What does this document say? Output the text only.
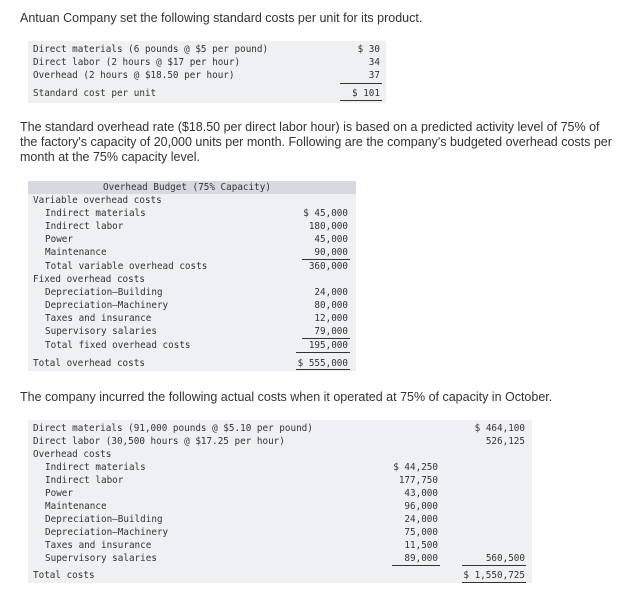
Antuan Company set the following standard costs per unit for its product.

Direct materials (6 pounds @ $5 per pound)	$ 30
Direct labor (2 hours @ $17 per hour)	34
Overhead (2 hours @ $18.50 per hour)	37
Standard cost per unit	$ 101

The standard overhead rate ($18.50 per direct labor hour) is based on a predicted activity level of 75% of the factory's capacity of 20,000 units per month. Following are the company's budgeted overhead costs per month at the 75% capacity level.

Overhead Budget (75% Capacity)
Variable overhead costs
Indirect materials	$ 45,000
Indirect labor	180,000
Power	45,000
Maintenance	90,000
Total variable overhead costs	360,000
Fixed overhead costs
Depreciation—Building	24,000
Depreciation—Machinery	80,000
Taxes and insurance	12,000
Supervisory salaries	79,000
Total fixed overhead costs	195,000
Total overhead costs	$ 555,000

The company incurred the following actual costs when it operated at 75% of capacity in October.

Direct materials (91,000 pounds @ $5.10 per pound)	$ 464,100
Direct labor (30,500 hours @ $17.25 per hour)	526,125
Overhead costs
Indirect materials	$ 44,250
Indirect labor	177,750
Power	43,000
Maintenance	96,000
Depreciation—Building	24,000
Depreciation—Machinery	75,000
Taxes and insurance	11,500
Supervisory salaries	89,000	560,500
Total costs	$ 1,550,725
